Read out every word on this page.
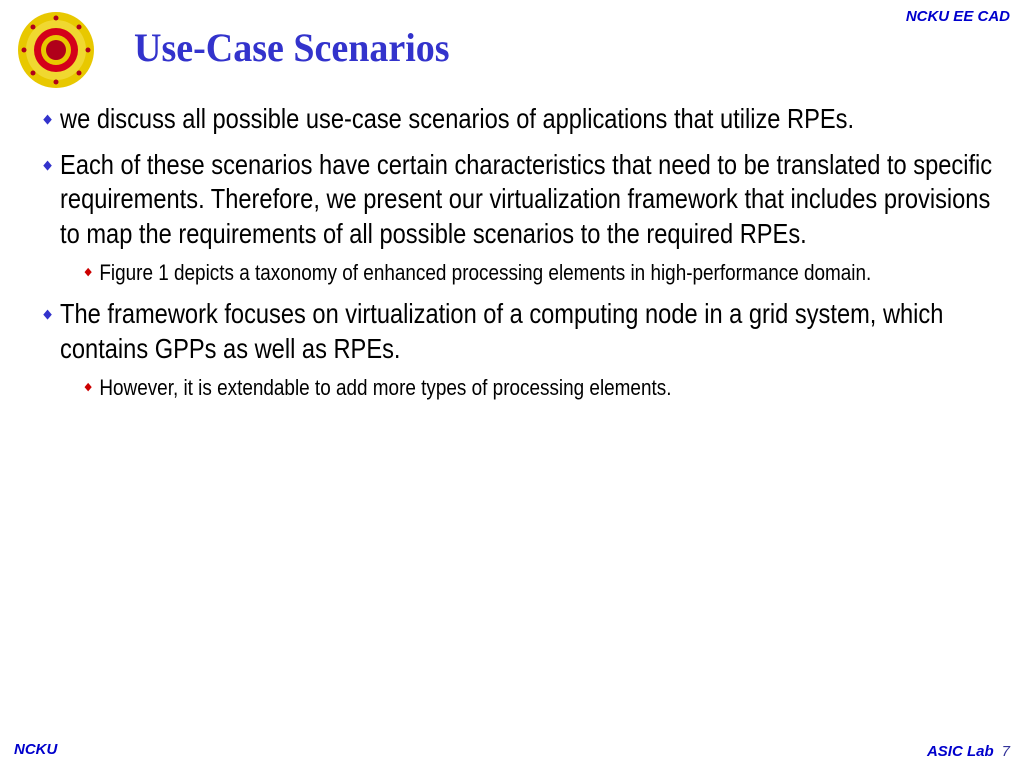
Use-Case Scenarios
NCKU EE CAD
◆ we discuss all possible use-case scenarios of applications that utilize RPEs.
◆ Each of these scenarios have certain characteristics that need to be translated to specific requirements. Therefore, we present our virtualization framework that includes provisions to map the requirements of all possible scenarios to the required RPEs.
◆ Figure 1 depicts a taxonomy of enhanced processing elements in high-performance domain.
◆ The framework focuses on virtualization of a computing node in a grid system, which contains GPPs as well as RPEs.
◆ However, it is extendable to add more types of processing elements.
NCKU	ASIC Lab 7
